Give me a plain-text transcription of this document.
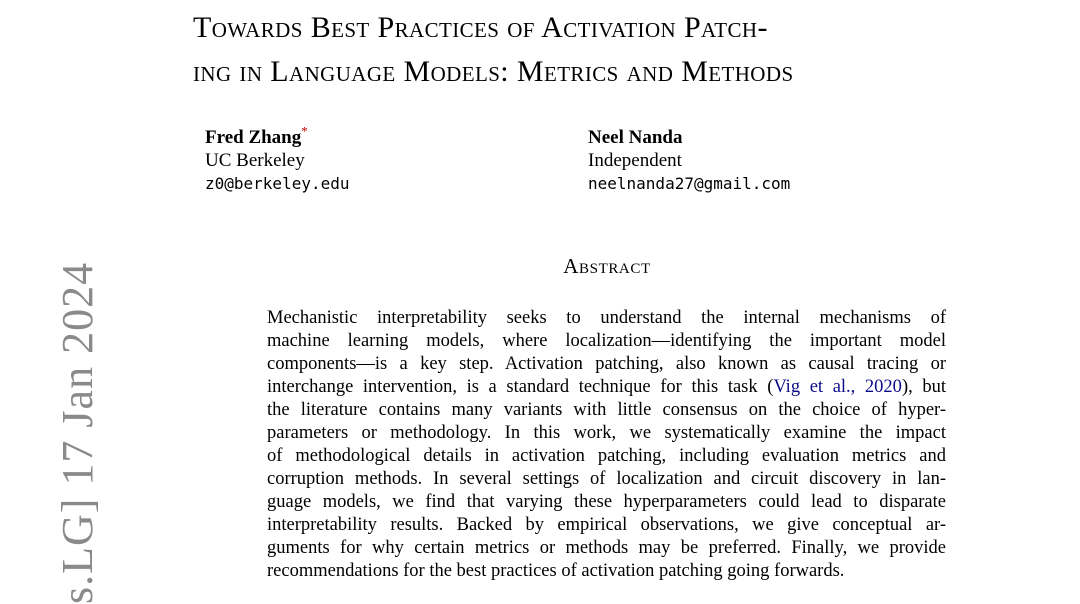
Towards Best Practices of Activation Patch-
ing in Language Models: Metrics and Methods
Fred Zhang*
UC Berkeley
z0@berkeley.edu
Neel Nanda
Independent
neelnanda27@gmail.com
Abstract
Mechanistic interpretability seeks to understand the internal mechanisms of
machine learning models, where localization—identifying the important model
components—is a key step. Activation patching, also known as causal tracing or
interchange intervention, is a standard technique for this task (Vig et al., 2020), but
the literature contains many variants with little consensus on the choice of hyper-
parameters or methodology. In this work, we systematically examine the impact
of methodological details in activation patching, including evaluation metrics and
corruption methods. In several settings of localization and circuit discovery in lan-
guage models, we find that varying these hyperparameters could lead to disparate
interpretability results. Backed by empirical observations, we give conceptual ar-
guments for why certain metrics or methods may be preferred. Finally, we provide
recommendations for the best practices of activation patching going forwards.
s.LG] 17 Jan 2024
